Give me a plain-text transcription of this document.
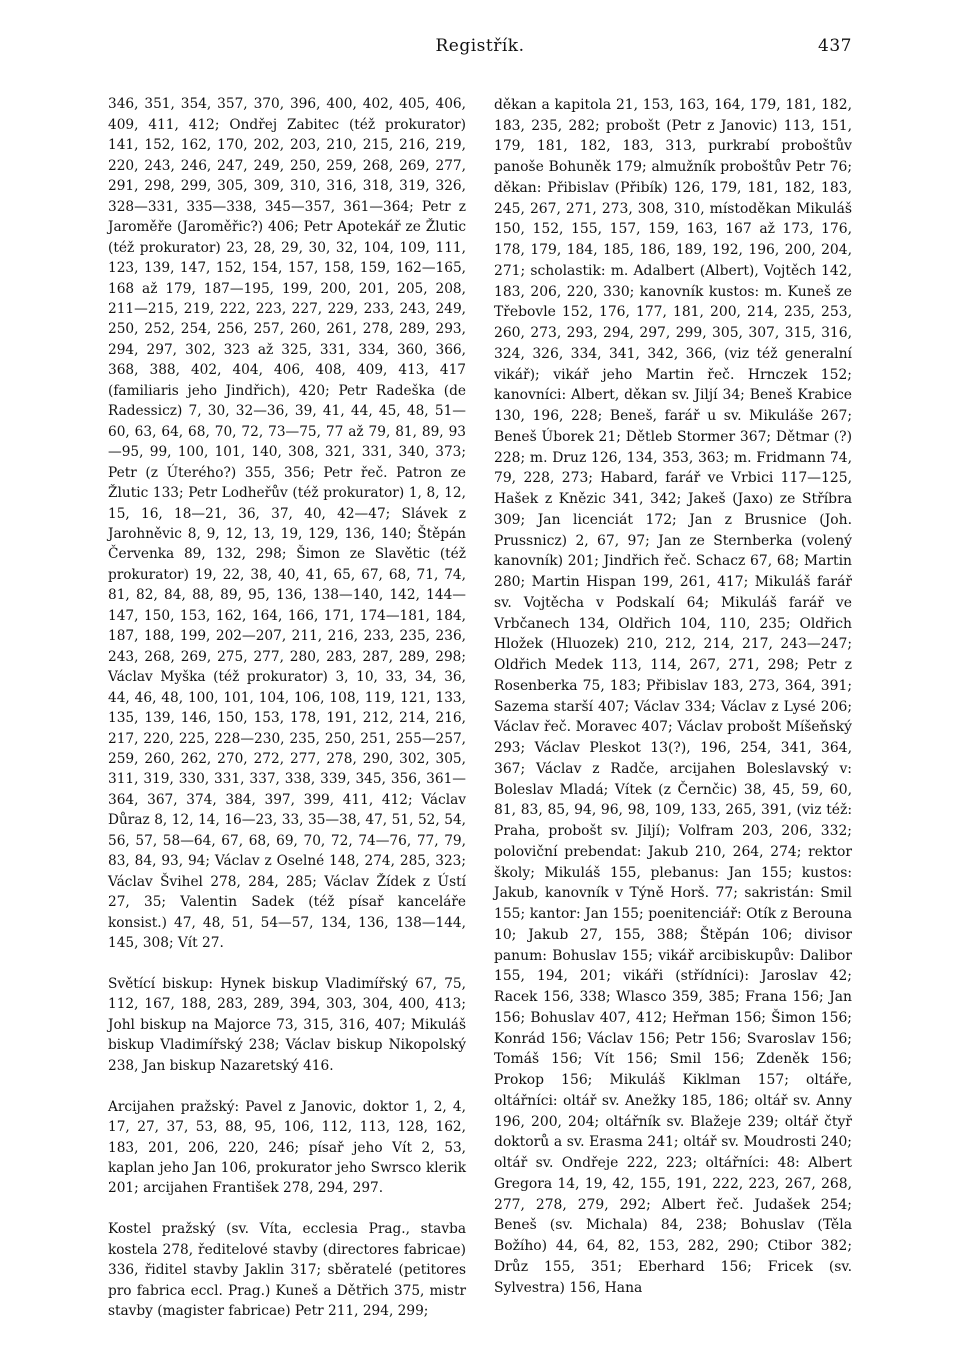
Registřík.	437

346, 351, 354, 357, 370, 396, 400, 402, 405, 406, 409, 411, 412; Ondřej Zabitec (též prokurator) 141, 152, 162, 170, 202, 203, 210, 215, 216, 219, 220, 243, 246, 247, 249, 250, 259, 268, 269, 277, 291, 298, 299, 305, 309, 310, 316, 318, 319, 326, 328—331, 335—338, 345—357, 361—364; Petr z Jaroměře (Jaroměřic?) 406; Petr Apotekář ze Žlutic (též prokurator) 23, 28, 29, 30, 32, 104, 109, 111, 123, 139, 147, 152, 154, 157, 158, 159, 162—165, 168 až 179, 187—195, 199, 200, 201, 205, 208, 211—215, 219, 222, 223, 227, 229, 233, 243, 249, 250, 252, 254, 256, 257, 260, 261, 278, 289, 293, 294, 297, 302, 323 až 325, 331, 334, 360, 366, 368, 388, 402, 404, 406, 408, 409, 413, 417 (familiaris jeho Jindřich), 420; Petr Radeška (de Radessicz) 7, 30, 32—36, 39, 41, 44, 45, 48, 51—60, 63, 64, 68, 70, 72, 73—75, 77 až 79, 81, 89, 93—95, 99, 100, 101, 140, 308, 321, 331, 340, 373; Petr (z Úterého?) 355, 356; Petr řeč. Patron ze Žlutic 133; Petr Lodheřův (též prokurator) 1, 8, 12, 15, 16, 18—21, 36, 37, 40, 42—47; Slávek z Jarohněvic 8, 9, 12, 13, 19, 129, 136, 140; Štěpán Červenka 89, 132, 298; Šimon ze Slavětic (též prokurator) 19, 22, 38, 40, 41, 65, 67, 68, 71, 74, 81, 82, 84, 88, 89, 95, 136, 138—140, 142, 144—147, 150, 153, 162, 164, 166, 171, 174—181, 184, 187, 188, 199, 202—207, 211, 216, 233, 235, 236, 243, 268, 269, 275, 277, 280, 283, 287, 289, 298; Václav Myška (též prokurator) 3, 10, 33, 34, 36, 44, 46, 48, 100, 101, 104, 106, 108, 119, 121, 133, 135, 139, 146, 150, 153, 178, 191, 212, 214, 216, 217, 220, 225, 228—230, 235, 250, 251, 255—257, 259, 260, 262, 270, 272, 277, 278, 290, 302, 305, 311, 319, 330, 331, 337, 338, 339, 345, 356, 361—364, 367, 374, 384, 397, 399, 411, 412; Václav Důraz 8, 12, 14, 16—23, 33, 35—38, 47, 51, 52, 54, 56, 57, 58—64, 67, 68, 69, 70, 72, 74—76, 77, 79, 83, 84, 93, 94; Václav z Oselné 148, 274, 285, 323; Václav Švihel 278, 284, 285; Václav Žídek z Ústí 27, 35; Valentin Sadek (též písař kanceláře konsist.) 47, 48, 51, 54—57, 134, 136, 138—144, 145, 308; Vít 27.

Světící biskup: Hynek biskup Vladimířský 67, 75, 112, 167, 188, 283, 289, 394, 303, 304, 400, 413; Johl biskup na Majorce 73, 315, 316, 407; Mikuláš biskup Vladimířský 238; Václav biskup Nikopolský 238, Jan biskup Nazaretský 416.

Arcijahen pražský: Pavel z Janovic, doktor 1, 2, 4, 17, 27, 37, 53, 88, 95, 106, 112, 113, 128, 162, 183, 201, 206, 220, 246; písař jeho Vít 2, 53, kaplan jeho Jan 106, prokurator jeho Swrsco klerik 201; arcijahen František 278, 294, 297.

Kostel pražský (sv. Víta, ecclesia Prag., stavba kostela 278, ředitelové stavby (directores fabricae) 336, řiditel stavby Jaklin 317; sběratelé (petitores pro fabrica eccl. Prag.) Kuneš a Dětřich 375, mistr stavby (magister fabricae) Petr 211, 294, 299;

děkan a kapitola 21, 153, 163, 164, 179, 181, 182, 183, 235, 282; probošt (Petr z Janovic) 113, 151, 179, 181, 182, 183, 313, purkrabí proboštův panoše Bohuněk 179; almužník proboštův Petr 76; děkan: Přibislav (Přibík) 126, 179, 181, 182, 183, 245, 267, 271, 273, 308, 310, místoděkan Mikuláš 150, 152, 155, 157, 159, 163, 167 až 173, 176, 178, 179, 184, 185, 186, 189, 192, 196, 200, 204, 271; scholastik: m. Adalbert (Albert), Vojtěch 142, 183, 206, 220, 330; kanovník kustos: m. Kuneš ze Třebovle 152, 176, 177, 181, 200, 214, 235, 253, 260, 273, 293, 294, 297, 299, 305, 307, 315, 316, 324, 326, 334, 341, 342, 366, (viz též generalní vikář); vikář jeho Martin řeč. Hrnczek 152; kanovníci: Albert, děkan sv. Jiljí 34; Beneš Krabice 130, 196, 228; Beneš, farář u sv. Mikuláše 267; Beneš Úborek 21; Dětleb Stormer 367; Dětmar (?) 228; m. Druz 126, 134, 353, 363; m. Fridmann 74, 79, 228, 273; Habard, farář ve Vrbici 117—125, Hašek z Knězic 341, 342; Jakeš (Jaxo) ze Stříbra 309; Jan licenciát 172; Jan z Brusnice (Joh. Prussnicz) 2, 67, 97; Jan ze Sternberka (volený kanovník) 201; Jindřich řeč. Schacz 67, 68; Martin 280; Martin Hispan 199, 261, 417; Mikuláš farář sv. Vojtěcha v Podskalí 64; Mikuláš farář ve Vrbčanech 134, Oldřich 104, 110, 235; Oldřich Hložek (Hluozek) 210, 212, 214, 217, 243—247; Oldřich Medek 113, 114, 267, 271, 298; Petr z Rosenberka 75, 183; Přibislav 183, 273, 364, 391; Sazema starší 407; Václav 334; Václav z Lysé 206; Václav řeč. Moravec 407; Václav probošt Míšeňský 293; Václav Pleskot 13(?), 196, 254, 341, 364, 367; Václav z Radče, arcijahen Boleslavský v: Boleslav Mladá; Vítek (z Černčic) 38, 45, 59, 60, 81, 83, 85, 94, 96, 98, 109, 133, 265, 391, (viz též: Praha, probošt sv. Jiljí); Volfram 203, 206, 332; poloviční prebendat: Jakub 210, 264, 274; rektor školy; Mikuláš 155, plebanus: Jan 155; kustos: Jakub, kanovník v Týně Horš. 77; sakristán: Smil 155; kantor: Jan 155; poenitenciář: Otík z Berouna 10; Jakub 27, 155, 388; Štěpán 106; divisor panum: Bohuslav 155; vikář arcibiskupův: Dalibor 155, 194, 201; vikáři (střídníci): Jaroslav 42; Racek 156, 338; Wlasco 359, 385; Frana 156; Jan 156; Bohuslav 407, 412; Heřman 156; Šimon 156; Konrád 156; Václav 156; Petr 156; Svaroslav 156; Tomáš 156; Vít 156; Smil 156; Zdeněk 156; Prokop 156; Mikuláš Kiklman 157; oltáře, oltářníci: oltář sv. Anežky 185, 186; oltář sv. Anny 196, 200, 204; oltářník sv. Blažeje 239; oltář čtyř doktorů a sv. Erasma 241; oltář sv. Moudrosti 240; oltář sv. Ondřeje 222, 223; oltářníci: 48: Albert Gregora 14, 19, 42, 155, 191, 222, 223, 267, 268, 277, 278, 279, 292; Albert řeč. Judašek 254; Beneš (sv. Michala) 84, 238; Bohuslav (Těla Božího) 44, 64, 82, 153, 282, 290; Ctibor 382; Drůz 155, 351; Eberhard 156; Fricek (sv. Sylvestra) 156, Hana
